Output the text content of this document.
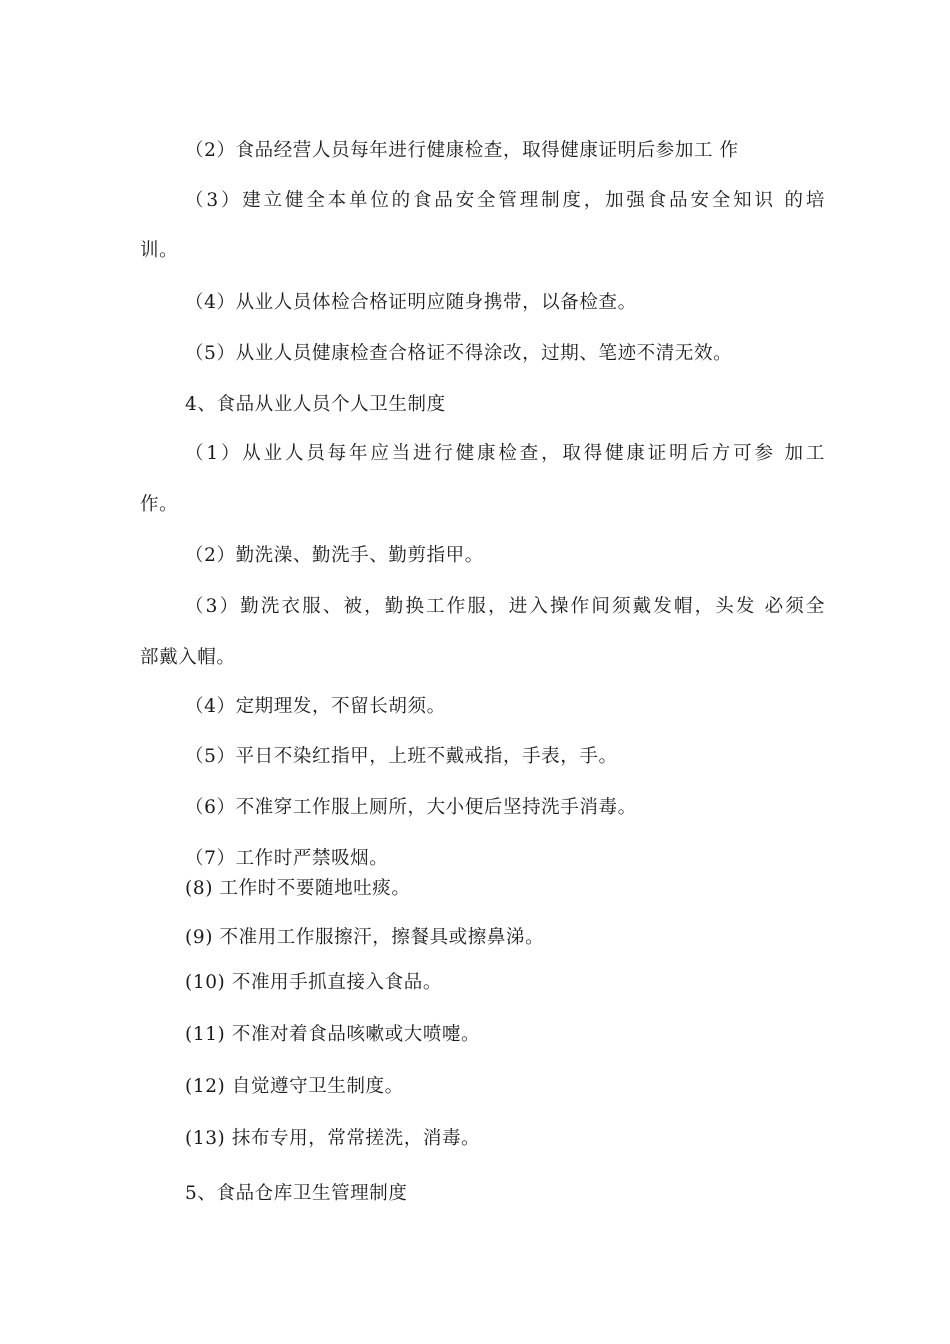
（2）食品经营人员每年进行健康检查，取得健康证明后参加工 作
（3）建立健全本单位的食品安全管理制度，加强食品安全知识 的培
训。
（4）从业人员体检合格证明应随身携带，以备检查。
（5）从业人员健康检查合格证不得涂改，过期、笔迹不清无效。
4、食品从业人员个人卫生制度
（1）从业人员每年应当进行健康检查，取得健康证明后方可参 加工
作。
（2）勤洗澡、勤洗手、勤剪指甲。
（3）勤洗衣服、被，勤换工作服，进入操作间须戴发帽，头发 必须全
部戴入帽。
（4）定期理发，不留长胡须。
（5）平日不染红指甲，上班不戴戒指，手表，手。
（6）不准穿工作服上厕所，大小便后坚持洗手消毒。
（7）工作时严禁吸烟。
(8) 工作时不要随地吐痰。
(9) 不准用工作服擦汗，擦餐具或擦鼻涕。
(10) 不准用手抓直接入食品。
(11) 不准对着食品咳嗽或大喷嚏。
(12) 自觉遵守卫生制度。
(13) 抹布专用，常常搓洗，消毒。
5、食品仓库卫生管理制度
